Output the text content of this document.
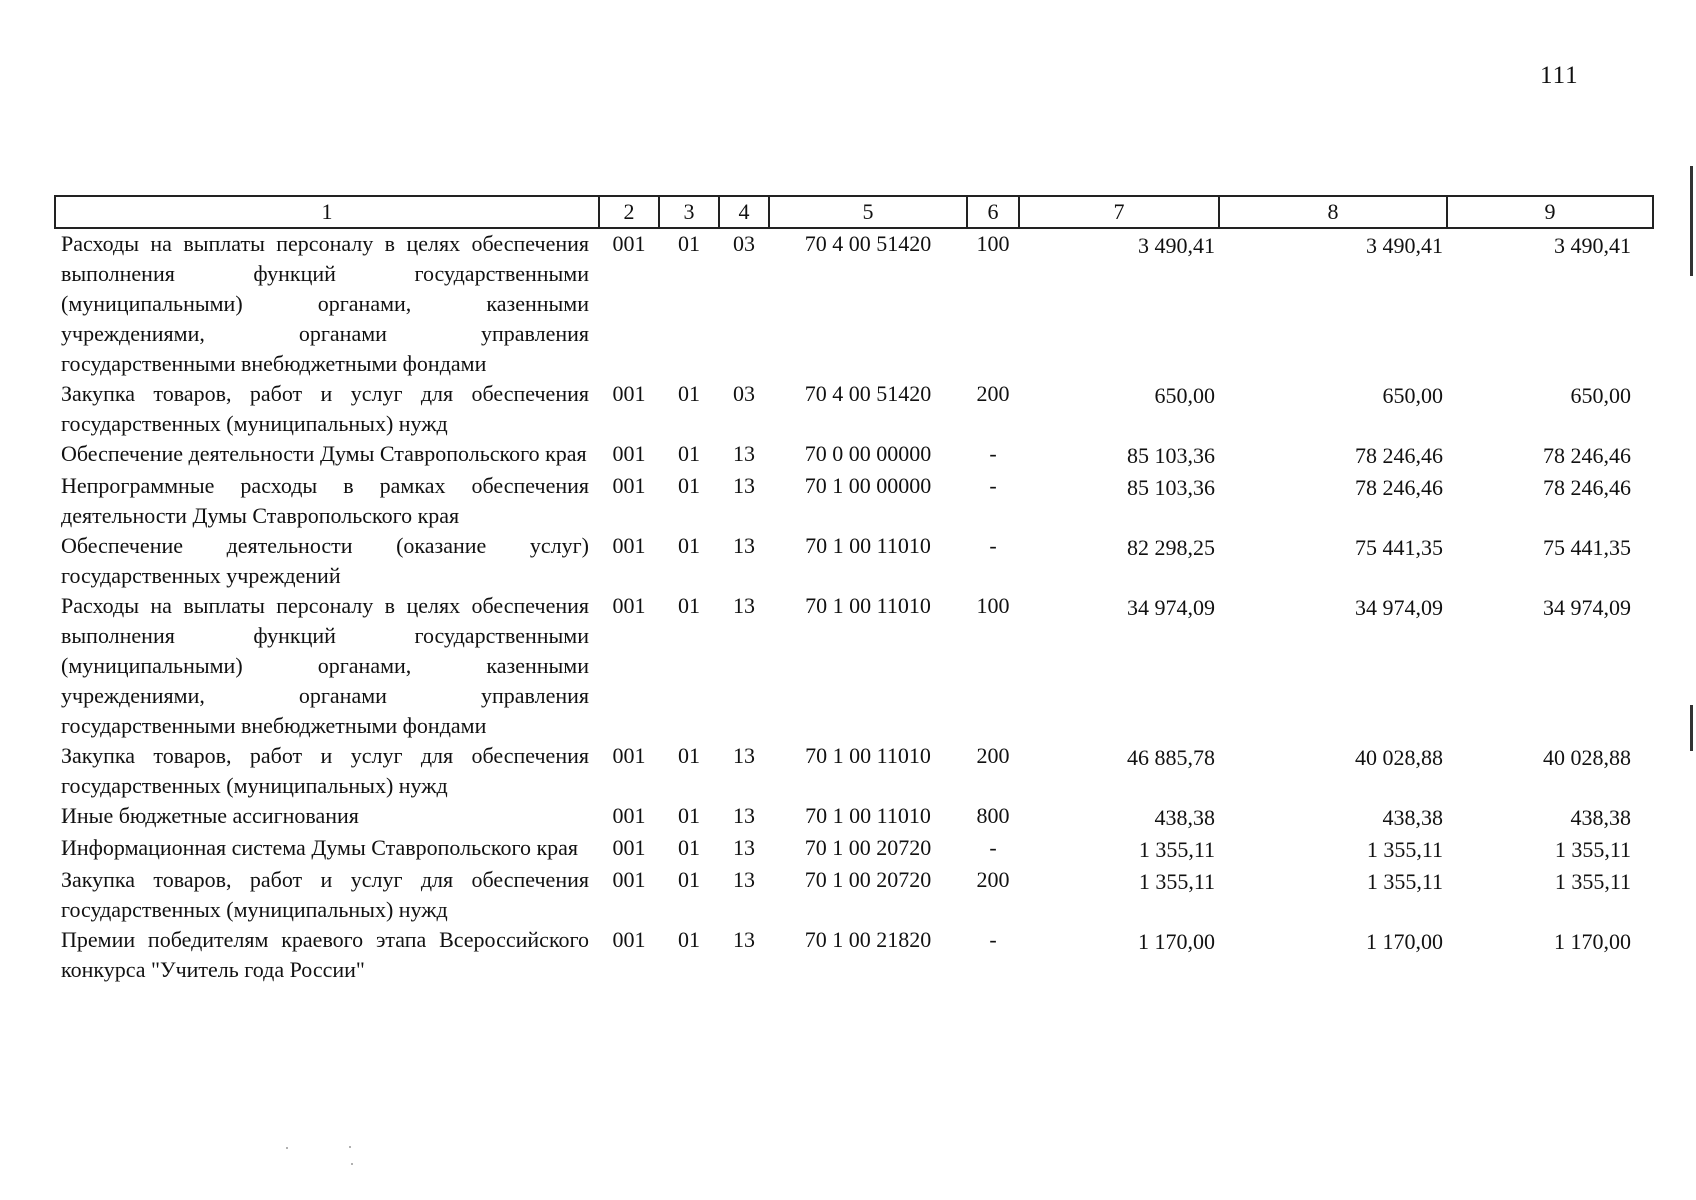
111
1	2	3	4	5	6	7	8	9
Расходы на выплаты персоналу в целях обеспечения выполнения функций государственными (муниципальными) органами, казенными учреждениями, органами управления государственными внебюджетными фондами	001	01	03	70 4 00 51420	100	3 490,41	3 490,41	3 490,41
Закупка товаров, работ и услуг для обеспечения государственных (муниципальных) нужд	001	01	03	70 4 00 51420	200	650,00	650,00	650,00
Обеспечение деятельности Думы Ставропольского края	001	01	13	70 0 00 00000	-	85 103,36	78 246,46	78 246,46
Непрограммные расходы в рамках обеспечения деятельности Думы Ставропольского края	001	01	13	70 1 00 00000	-	85 103,36	78 246,46	78 246,46
Обеспечение деятельности (оказание услуг) государственных учреждений	001	01	13	70 1 00 11010	-	82 298,25	75 441,35	75 441,35
Расходы на выплаты персоналу в целях обеспечения выполнения функций государственными (муниципальными) органами, казенными учреждениями, органами управления государственными внебюджетными фондами	001	01	13	70 1 00 11010	100	34 974,09	34 974,09	34 974,09
Закупка товаров, работ и услуг для обеспечения государственных (муниципальных) нужд	001	01	13	70 1 00 11010	200	46 885,78	40 028,88	40 028,88
Иные бюджетные ассигнования	001	01	13	70 1 00 11010	800	438,38	438,38	438,38
Информационная система Думы Ставропольского края	001	01	13	70 1 00 20720	-	1 355,11	1 355,11	1 355,11
Закупка товаров, работ и услуг для обеспечения государственных (муниципальных) нужд	001	01	13	70 1 00 20720	200	1 355,11	1 355,11	1 355,11
Премии победителям краевого этапа Всероссийского конкурса "Учитель года России"	001	01	13	70 1 00 21820	-	1 170,00	1 170,00	1 170,00
